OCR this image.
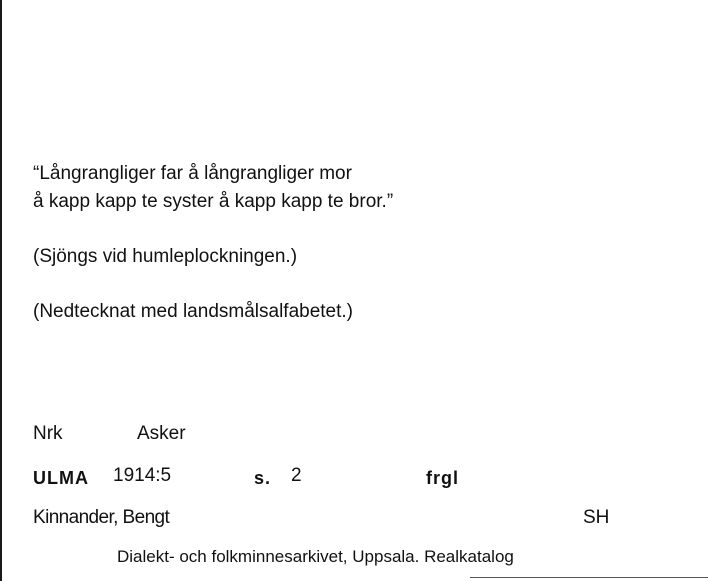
“Långrangliger far å långrangliger mor
å kapp kapp te syster å kapp kapp te bror.”
(Sjöngs vid humleplockningen.)
(Nedtecknat med landsmålsalfabetet.)
Nrk	Asker
ULMA 1914:5	s. 2	frgl
Kinnander, Bengt	SH
Dialekt- och folkminnesarkivet, Uppsala. Realkatalog
